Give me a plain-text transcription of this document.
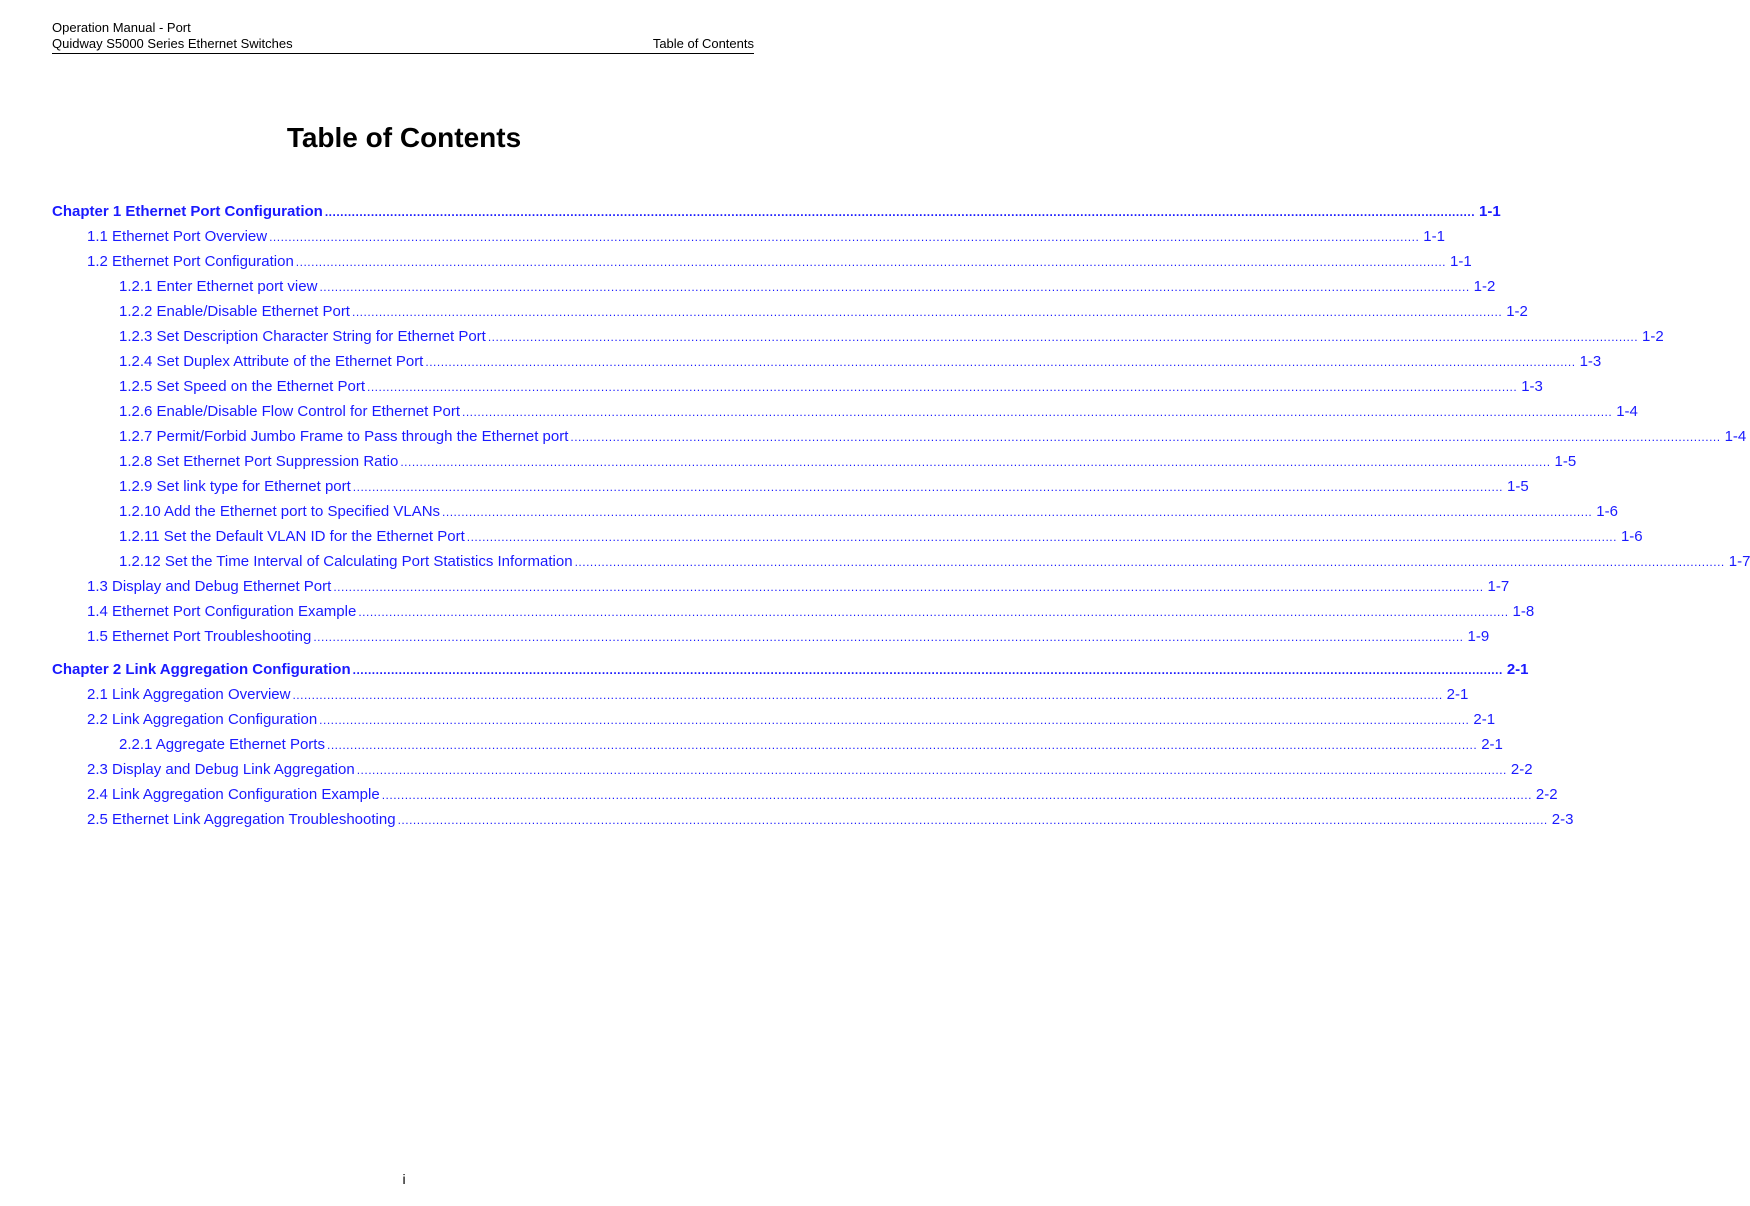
Operation Manual - Port
Quidway S5000 Series Ethernet Switches	Table of Contents
Table of Contents
Chapter 1 Ethernet Port Configuration ............................................................................................................................................................................................................................................................................................................ 1-1
1.1 Ethernet Port Overview ............................................................................................................................................................................................................................................................................................................ 1-1
1.2 Ethernet Port Configuration ............................................................................................................................................................................................................................................................................................................ 1-1
1.2.1 Enter Ethernet port view ............................................................................................................................................................................................................................................................................................................ 1-2
1.2.2 Enable/Disable Ethernet Port ............................................................................................................................................................................................................................................................................................................ 1-2
1.2.3 Set Description Character String for Ethernet Port ............................................................................................................................................................................................................................................................................................................ 1-2
1.2.4 Set Duplex Attribute of the Ethernet Port ............................................................................................................................................................................................................................................................................................................ 1-3
1.2.5 Set Speed on the Ethernet Port ............................................................................................................................................................................................................................................................................................................ 1-3
1.2.6 Enable/Disable Flow Control for Ethernet Port ............................................................................................................................................................................................................................................................................................................ 1-4
1.2.7 Permit/Forbid Jumbo Frame to Pass through the Ethernet port ............................................................................................................................................................................................................................................................................................................ 1-4
1.2.8 Set Ethernet Port Suppression Ratio ............................................................................................................................................................................................................................................................................................................ 1-5
1.2.9 Set link type for Ethernet port ............................................................................................................................................................................................................................................................................................................ 1-5
1.2.10 Add the Ethernet port to Specified VLANs ............................................................................................................................................................................................................................................................................................................ 1-6
1.2.11 Set the Default VLAN ID for the Ethernet Port ............................................................................................................................................................................................................................................................................................................ 1-6
1.2.12 Set the Time Interval of Calculating Port Statistics Information ............................................................................................................................................................................................................................................................................................................ 1-7
1.3 Display and Debug Ethernet Port ............................................................................................................................................................................................................................................................................................................ 1-7
1.4 Ethernet Port Configuration Example ............................................................................................................................................................................................................................................................................................................ 1-8
1.5 Ethernet Port Troubleshooting ............................................................................................................................................................................................................................................................................................................ 1-9
Chapter 2 Link Aggregation Configuration ............................................................................................................................................................................................................................................................................................................ 2-1
2.1 Link Aggregation Overview ............................................................................................................................................................................................................................................................................................................ 2-1
2.2 Link Aggregation Configuration ............................................................................................................................................................................................................................................................................................................ 2-1
2.2.1 Aggregate Ethernet Ports ............................................................................................................................................................................................................................................................................................................ 2-1
2.3 Display and Debug Link Aggregation ............................................................................................................................................................................................................................................................................................................ 2-2
2.4 Link Aggregation Configuration Example ............................................................................................................................................................................................................................................................................................................ 2-2
2.5 Ethernet Link Aggregation Troubleshooting ............................................................................................................................................................................................................................................................................................................ 2-3
i
